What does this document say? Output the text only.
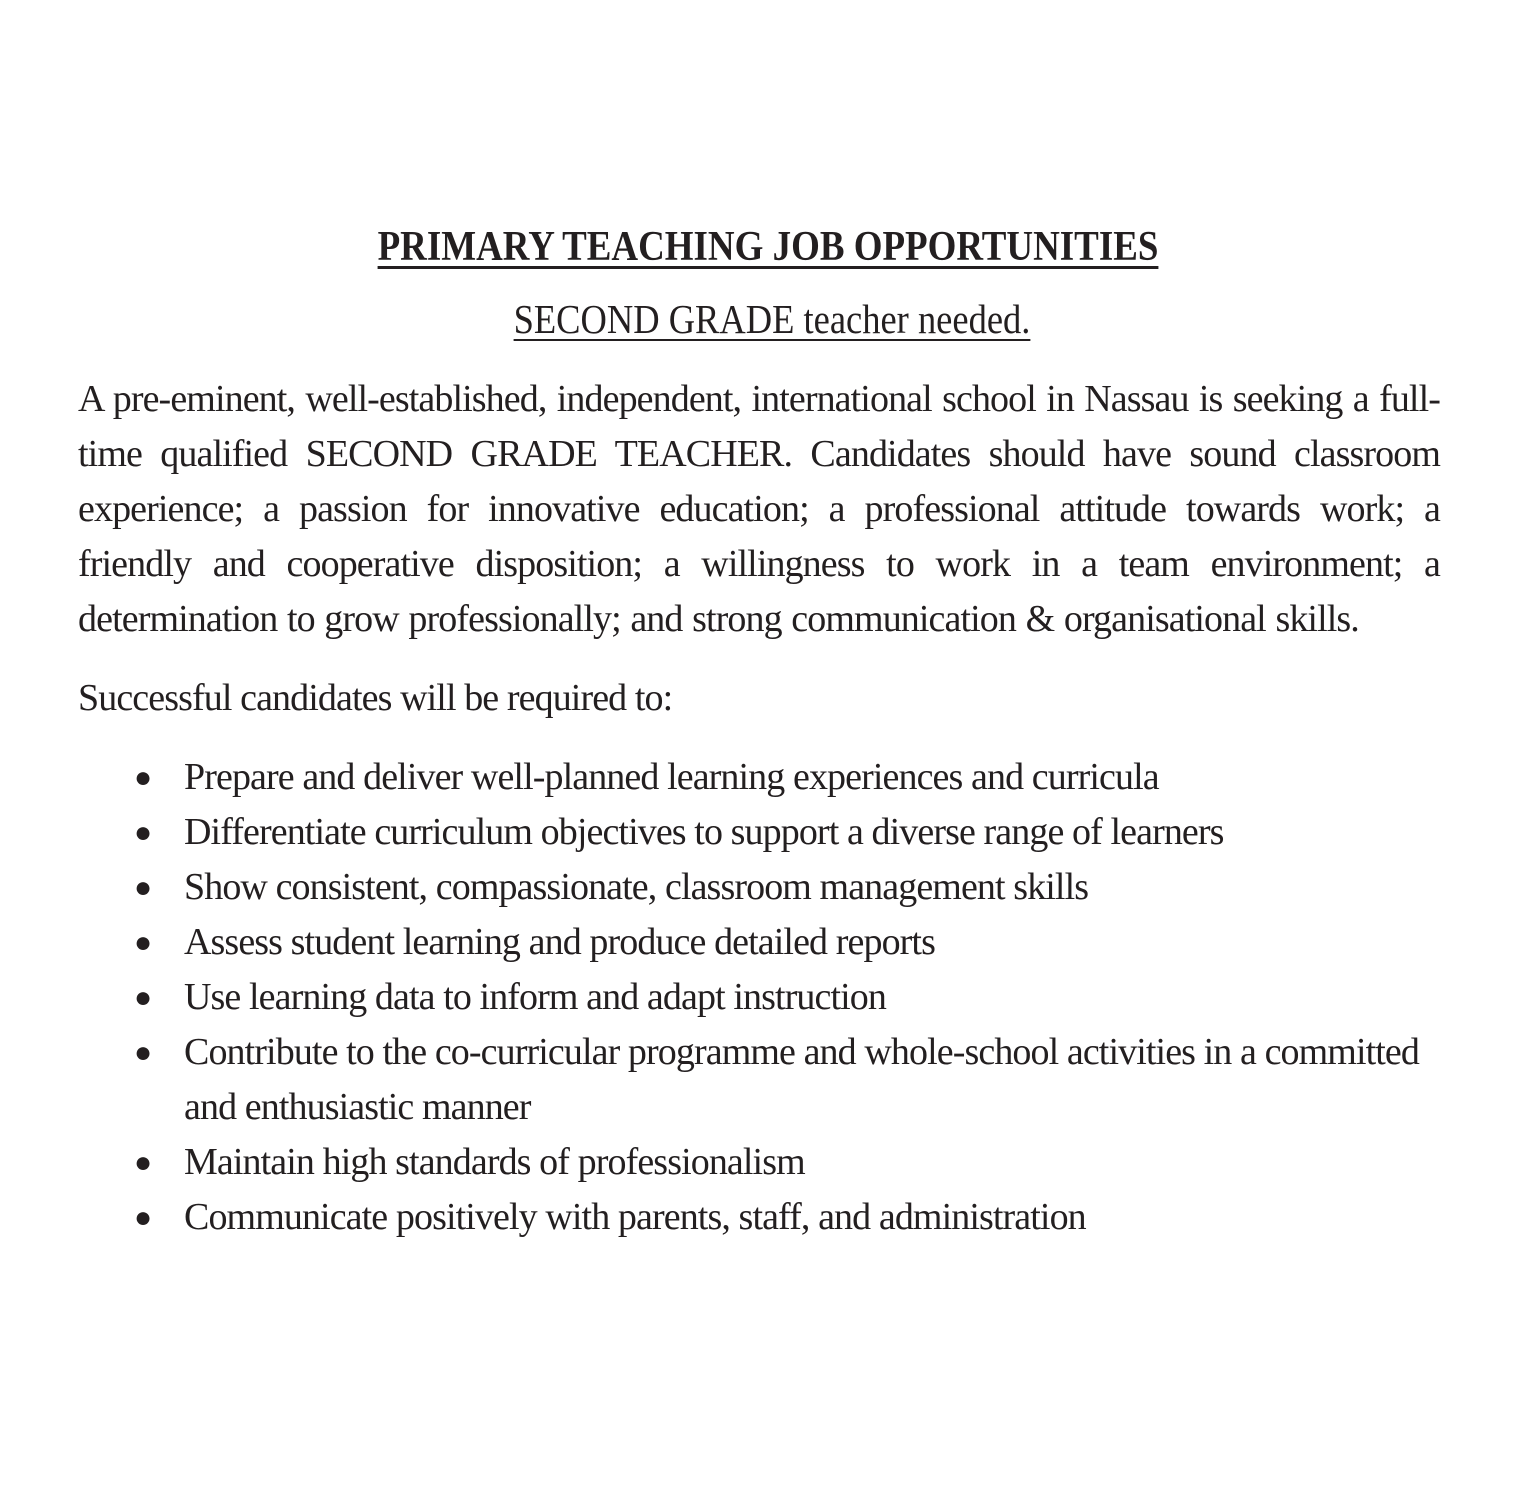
PRIMARY TEACHING JOB OPPORTUNITIES
SECOND GRADE teacher needed.

A pre-eminent, well-established, independent, international school in Nassau is seeking a full-time qualified SECOND GRADE TEACHER. Candidates should have sound classroom experience; a passion for innovative education; a professional attitude towards work; a friendly and cooperative disposition; a willingness to work in a team environment; a determination to grow professionally; and strong communication & organisational skills.

Successful candidates will be required to:

● Prepare and deliver well-planned learning experiences and curricula
● Differentiate curriculum objectives to support a diverse range of learners
● Show consistent, compassionate, classroom management skills
● Assess student learning and produce detailed reports
● Use learning data to inform and adapt instruction
● Contribute to the co-curricular programme and whole-school activities in a committed and enthusiastic manner
● Maintain high standards of professionalism
● Communicate positively with parents, staff, and administration
